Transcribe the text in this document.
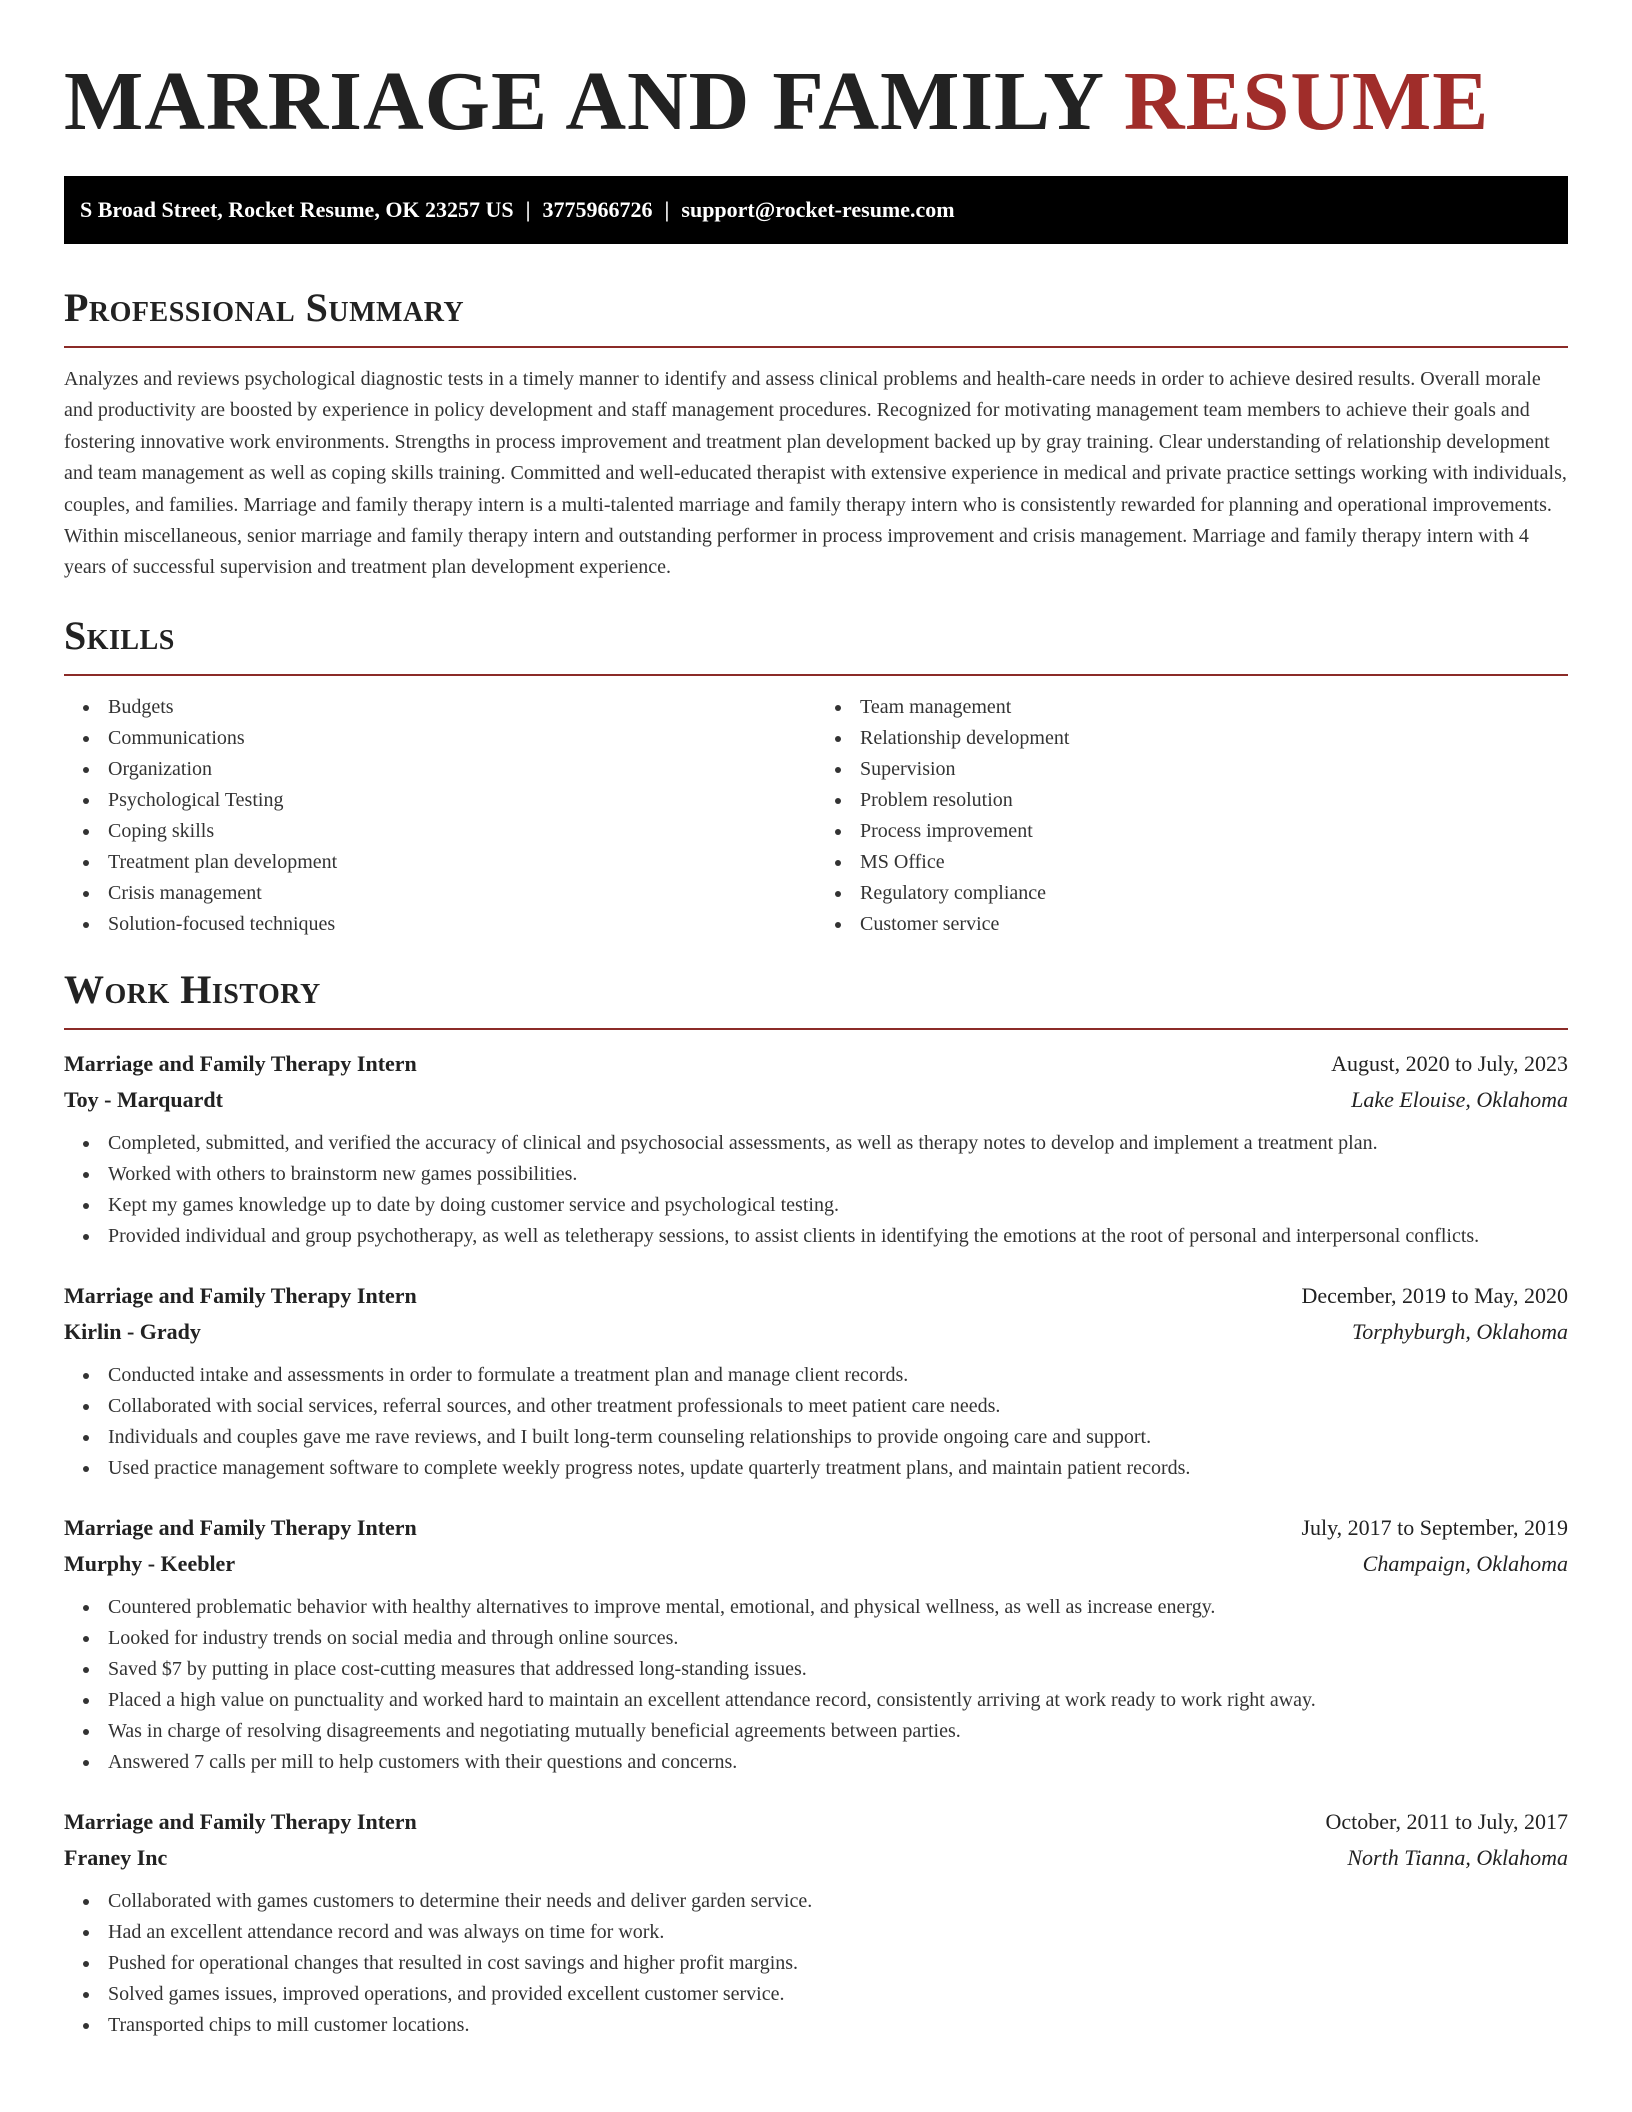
MARRIAGE AND FAMILY RESUME
S Broad Street, Rocket Resume, OK 23257 US | 3775966726 | support@rocket-resume.com
Professional Summary

Analyzes and reviews psychological diagnostic tests in a timely manner to identify and assess clinical problems and health-care needs in order to achieve desired results. Overall morale and productivity are boosted by experience in policy development and staff management procedures. Recognized for motivating management team members to achieve their goals and fostering innovative work environments. Strengths in process improvement and treatment plan development backed up by gray training. Clear understanding of relationship development and team management as well as coping skills training. Committed and well-educated therapist with extensive experience in medical and private practice settings working with individuals, couples, and families. Marriage and family therapy intern is a multi-talented marriage and family therapy intern who is consistently rewarded for planning and operational improvements. Within miscellaneous, senior marriage and family therapy intern and outstanding performer in process improvement and crisis management. Marriage and family therapy intern with 4 years of successful supervision and treatment plan development experience.

Skills
Budgets
Communications
Organization
Psychological Testing
Coping skills
Treatment plan development
Crisis management
Solution-focused techniques
Team management
Relationship development
Supervision
Problem resolution
Process improvement
MS Office
Regulatory compliance
Customer service
Work History
Marriage and Family Therapy Intern	August, 2020 to July, 2023
Toy - Marquardt	Lake Elouise, Oklahoma
Completed, submitted, and verified the accuracy of clinical and psychosocial assessments, as well as therapy notes to develop and implement a treatment plan.
Worked with others to brainstorm new games possibilities.
Kept my games knowledge up to date by doing customer service and psychological testing.
Provided individual and group psychotherapy, as well as teletherapy sessions, to assist clients in identifying the emotions at the root of personal and interpersonal conflicts.
Marriage and Family Therapy Intern	December, 2019 to May, 2020
Kirlin - Grady	Torphyburgh, Oklahoma
Conducted intake and assessments in order to formulate a treatment plan and manage client records.
Collaborated with social services, referral sources, and other treatment professionals to meet patient care needs.
Individuals and couples gave me rave reviews, and I built long-term counseling relationships to provide ongoing care and support.
Used practice management software to complete weekly progress notes, update quarterly treatment plans, and maintain patient records.
Marriage and Family Therapy Intern	July, 2017 to September, 2019
Murphy - Keebler	Champaign, Oklahoma
Countered problematic behavior with healthy alternatives to improve mental, emotional, and physical wellness, as well as increase energy.
Looked for industry trends on social media and through online sources.
Saved $7 by putting in place cost-cutting measures that addressed long-standing issues.
Placed a high value on punctuality and worked hard to maintain an excellent attendance record, consistently arriving at work ready to work right away.
Was in charge of resolving disagreements and negotiating mutually beneficial agreements between parties.
Answered 7 calls per mill to help customers with their questions and concerns.
Marriage and Family Therapy Intern	October, 2011 to July, 2017
Franey Inc	North Tianna, Oklahoma
Collaborated with games customers to determine their needs and deliver garden service.
Had an excellent attendance record and was always on time for work.
Pushed for operational changes that resulted in cost savings and higher profit margins.
Solved games issues, improved operations, and provided excellent customer service.
Transported chips to mill customer locations.
